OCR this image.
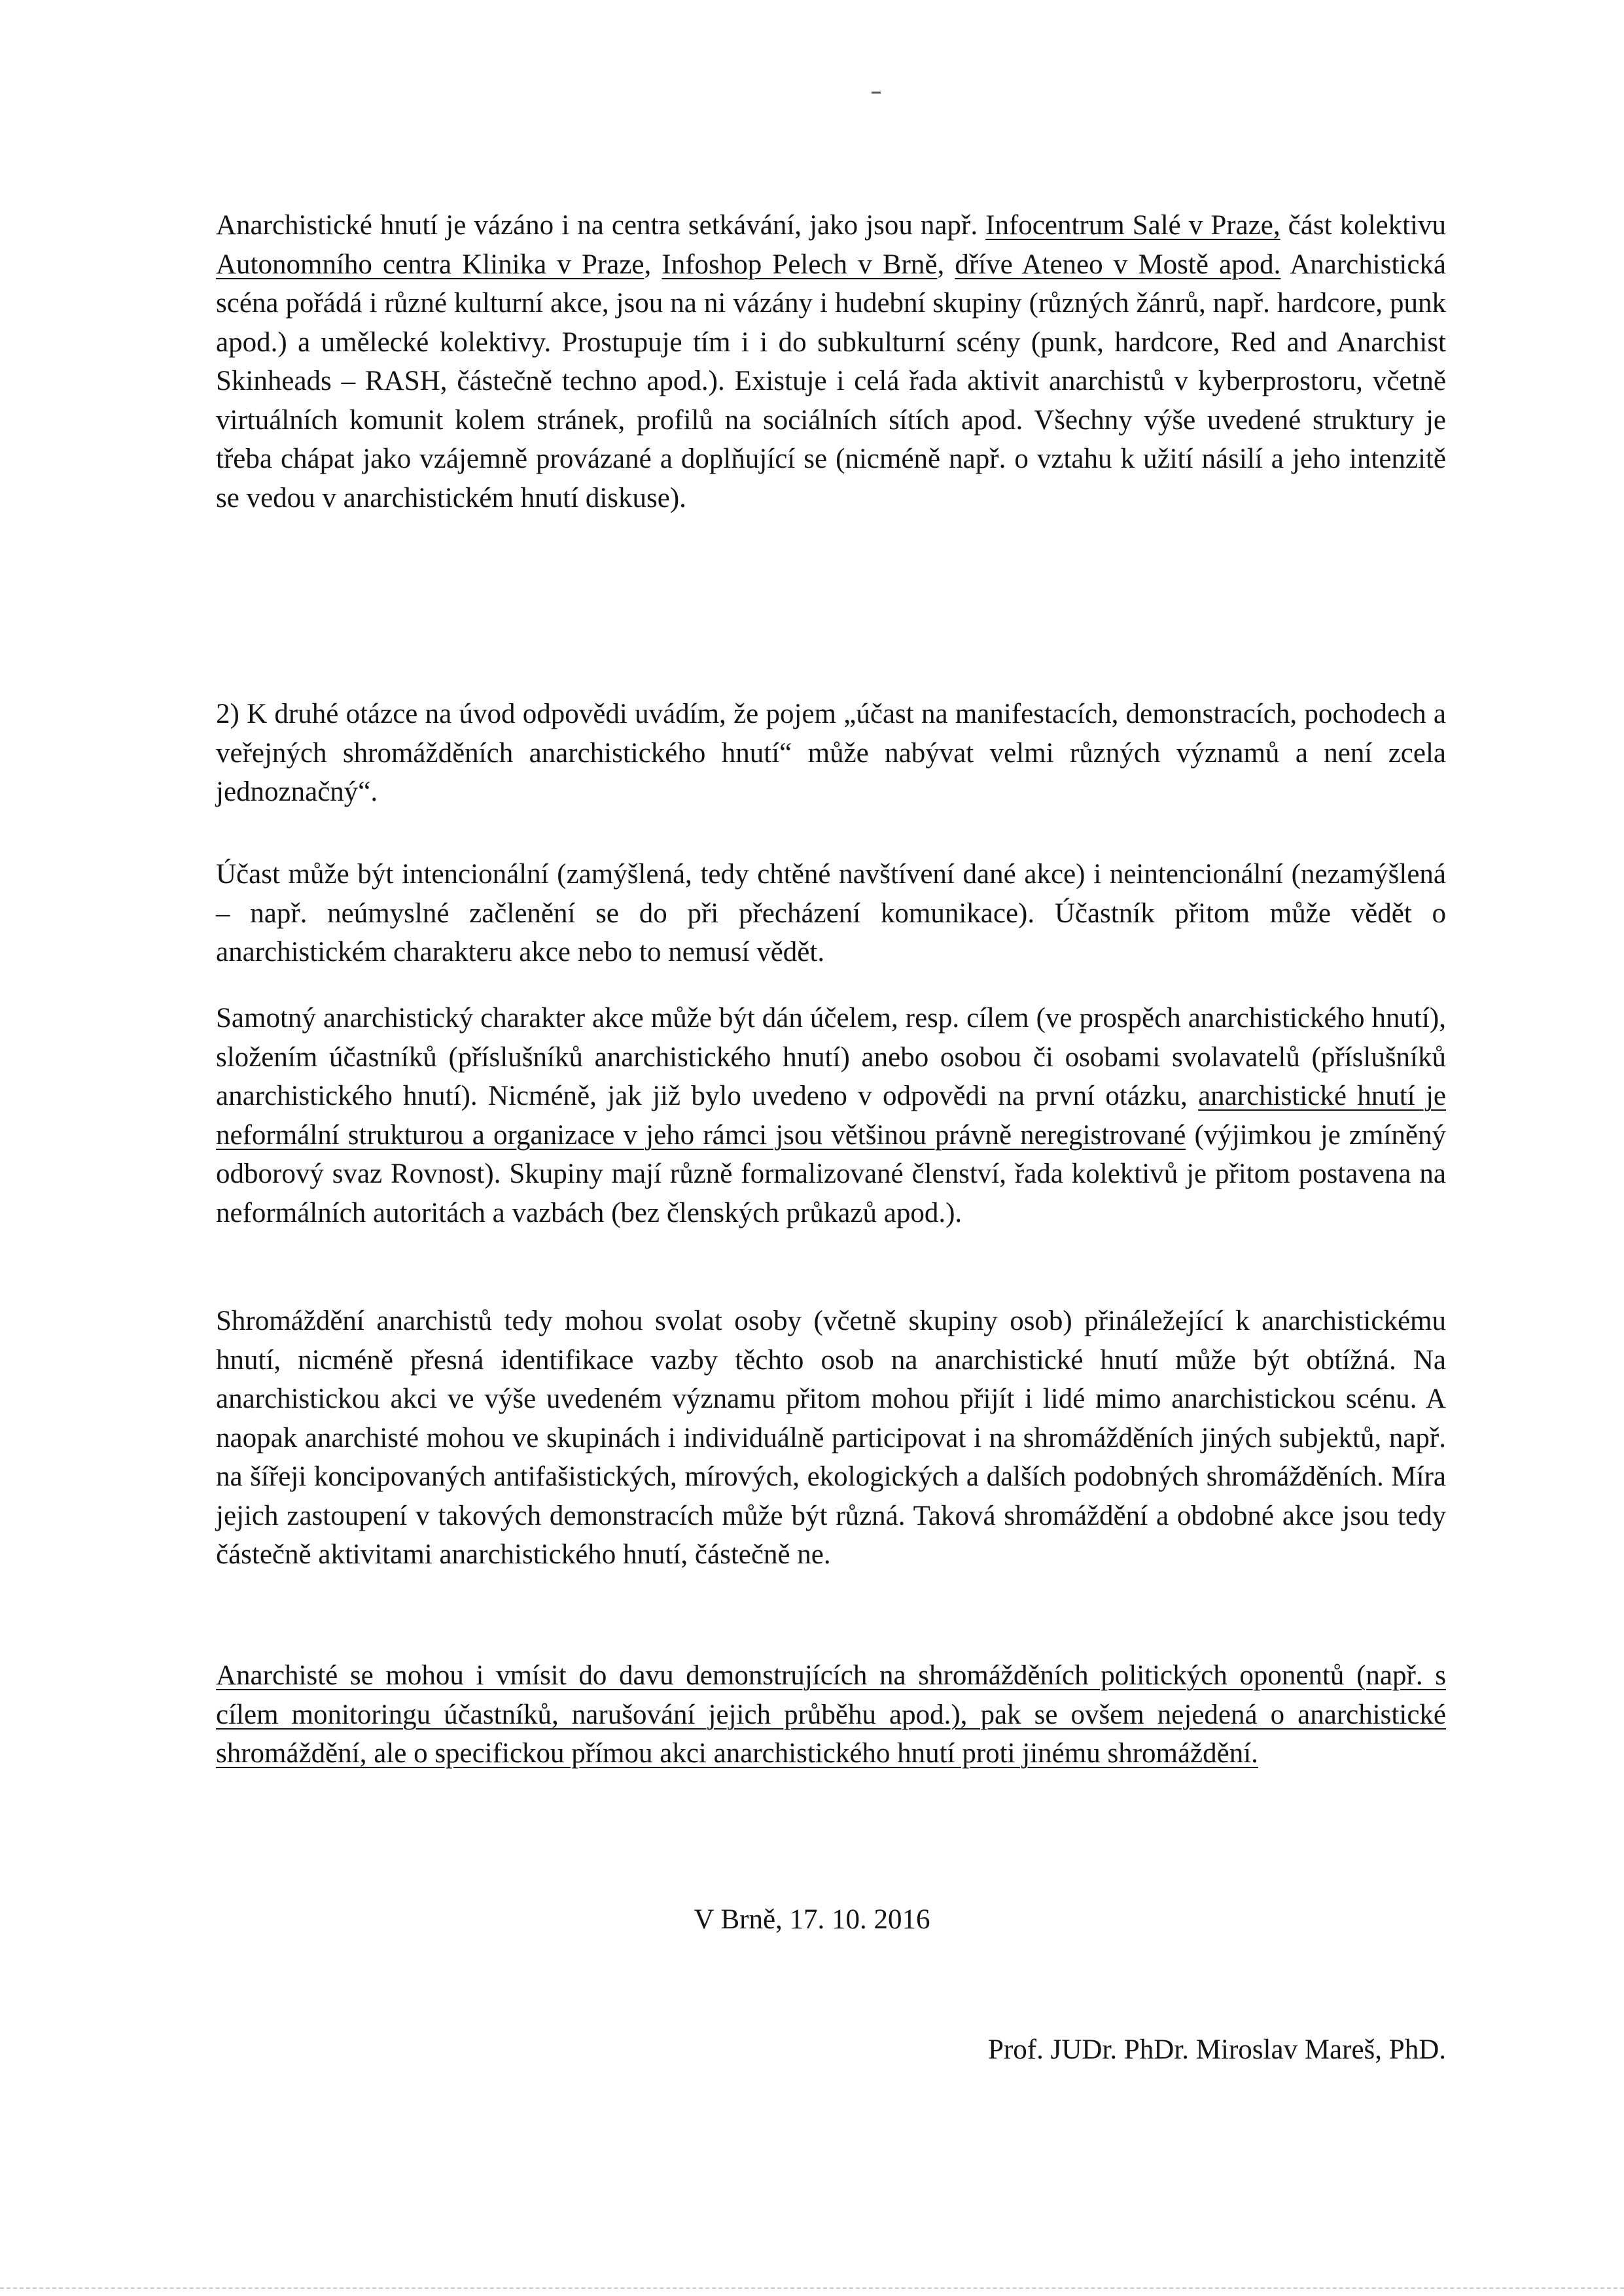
Anarchistické hnutí je vázáno i na centra setkávání, jako jsou např. Infocentrum Salé v Praze, část kolektivu Autonomního centra Klinika v Praze, Infoshop Pelech v Brně, dříve Ateneo v Mostě apod. Anarchistická scéna pořádá i různé kulturní akce, jsou na ni vázány i hudební skupiny (různých žánrů, např. hardcore, punk apod.) a umělecké kolektivy. Prostupuje tím i i do subkulturní scény (punk, hardcore, Red and Anarchist Skinheads – RASH, částečně techno apod.). Existuje i celá řada aktivit anarchistů v kyberprostoru, včetně virtuálních komunit kolem stránek, profilů na sociálních sítích apod. Všechny výše uvedené struktury je třeba chápat jako vzájemně provázané a doplňující se (nicméně např. o vztahu k užití násilí a jeho intenzitě se vedou v anarchistickém hnutí diskuse).

2) K druhé otázce na úvod odpovědi uvádím, že pojem „účast na manifestacích, demonstracích, pochodech a veřejných shromážděních anarchistického hnutí“ může nabývat velmi různých významů a není zcela jednoznačný“.

Účast může být intencionální (zamýšlená, tedy chtěné navštívení dané akce) i neintencionální (nezamýšlená – např. neúmyslné začlenění se do při přecházení komunikace). Účastník přitom může vědět o anarchistickém charakteru akce nebo to nemusí vědět.

Samotný anarchistický charakter akce může být dán účelem, resp. cílem (ve prospěch anarchistického hnutí), složením účastníků (příslušníků anarchistického hnutí) anebo osobou či osobami svolavatelů (příslušníků anarchistického hnutí). Nicméně, jak již bylo uvedeno v odpovědi na první otázku, anarchistické hnutí je neformální strukturou a organizace v jeho rámci jsou většinou právně neregistrované (výjimkou je zmíněný odborový svaz Rovnost). Skupiny mají různě formalizované členství, řada kolektivů je přitom postavena na neformálních autoritách a vazbách (bez členských průkazů apod.).

Shromáždění anarchistů tedy mohou svolat osoby (včetně skupiny osob) přináležející k anarchistickému hnutí, nicméně přesná identifikace vazby těchto osob na anarchistické hnutí může být obtížná. Na anarchistickou akci ve výše uvedeném významu přitom mohou přijít i lidé mimo anarchistickou scénu. A naopak anarchisté mohou ve skupinách i individuálně participovat i na shromážděních jiných subjektů, např. na šířeji koncipovaných antifašistických, mírových, ekologických a dalších podobných shromážděních. Míra jejich zastoupení v takových demonstracích může být různá. Taková shromáždění a obdobné akce jsou tedy částečně aktivitami anarchistického hnutí, částečně ne.

Anarchisté se mohou i vmísit do davu demonstrujících na shromážděních politických oponentů (např. s cílem monitoringu účastníků, narušování jejich průběhu apod.), pak se ovšem nejedená o anarchistické shromáždění, ale o specifickou přímou akci anarchistického hnutí proti jinému shromáždění.

V Brně, 17. 10. 2016
Prof. JUDr. PhDr. Miroslav Mareš, PhD.
